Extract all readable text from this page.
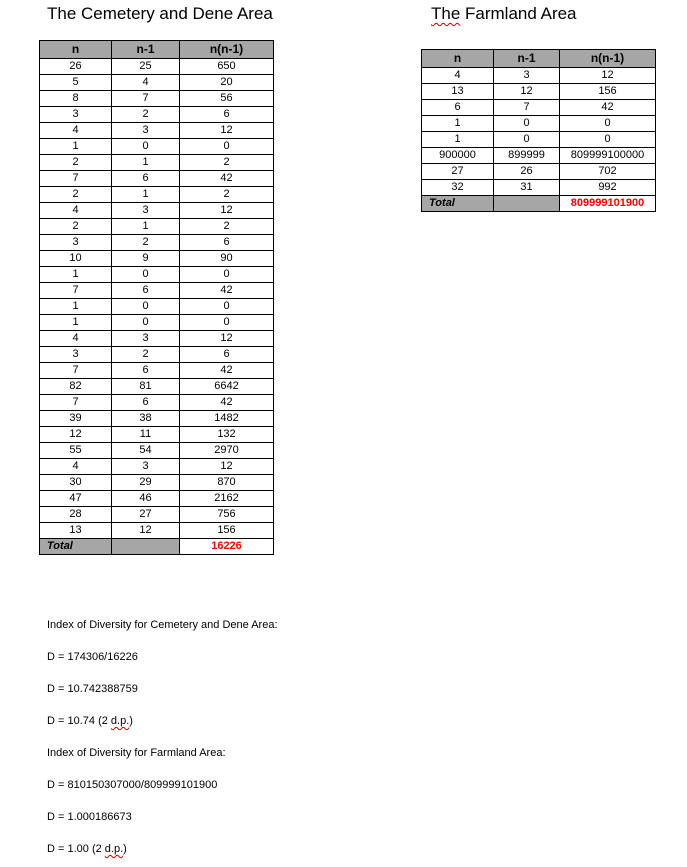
The Cemetery and Dene Area	The Farmland Area
n	n-1	n(n-1)
26	25	650
5	4	20
8	7	56
3	2	6
4	3	12
1	0	0
2	1	2
7	6	42
2	1	2
4	3	12
2	1	2
3	2	6
10	9	90
1	0	0
7	6	42
1	0	0
1	0	0
4	3	12
3	2	6
7	6	42
82	81	6642
7	6	42
39	38	1482
12	11	132
55	54	2970
4	3	12
30	29	870
47	46	2162
28	27	756
13	12	156
Total		16226
n	n-1	n(n-1)
4	3	12
13	12	156
6	7	42
1	0	0
1	0	0
900000	899999	809999100000
27	26	702
32	31	992
Total		809999101900
Index of Diversity for Cemetery and Dene Area:
D = 174306/16226
D = 10.742388759
D = 10.74 (2 d.p.)
Index of Diversity for Farmland Area:
D = 810150307000/809999101900
D = 1.000186673
D = 1.00 (2 d.p.)
